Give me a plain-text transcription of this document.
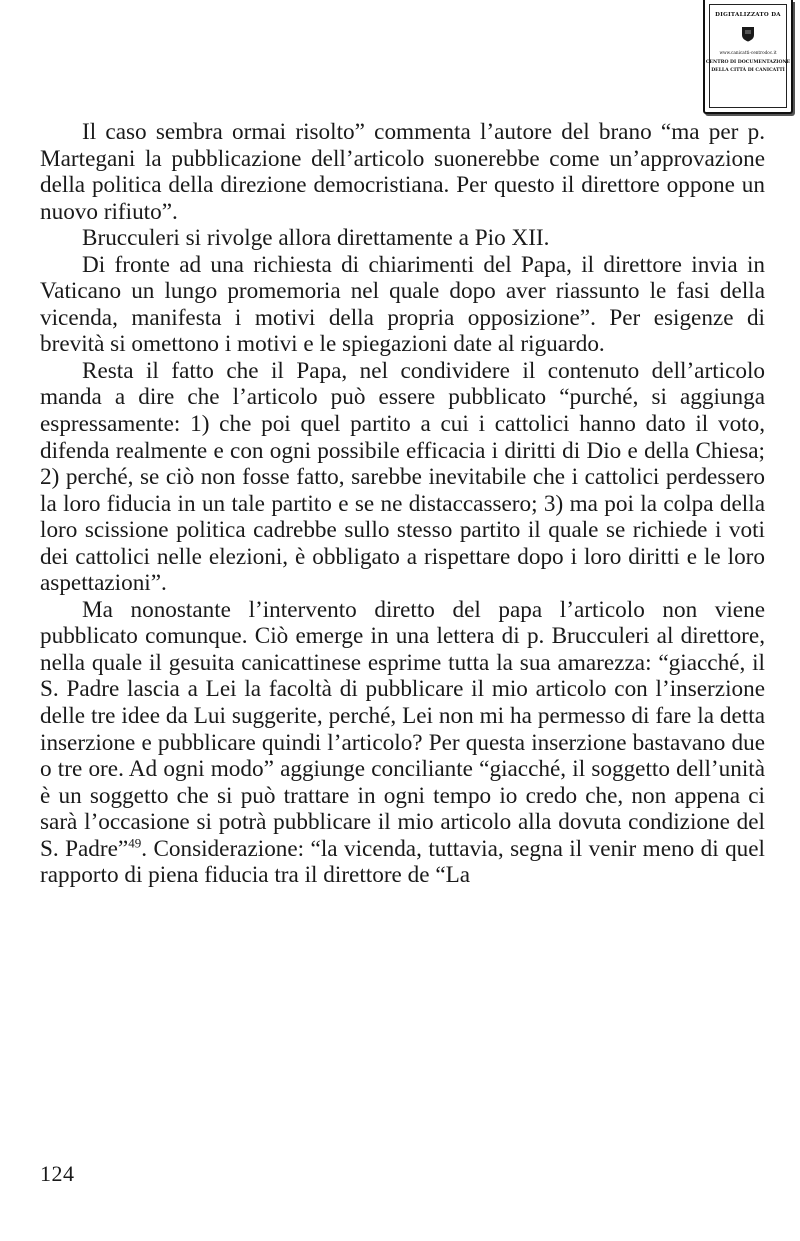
DIGITALIZZATO DA
www.canicatti-centrodoc.it
CENTRO DI DOCUMENTAZIONE
DELLA CITTÀ DI CANICATTÌ

Il caso sembra ormai risolto” commenta l’autore del brano “ma per p. Martegani la pubblicazione dell’articolo suonerebbe come un’approvazione della politica della direzione democristiana. Per questo il direttore oppone un nuovo rifiuto”.

Brucculeri si rivolge allora direttamente a Pio XII.

Di fronte ad una richiesta di chiarimenti del Papa, il direttore invia in Vaticano un lungo promemoria nel quale dopo aver riassunto le fasi della vicenda, manifesta i motivi della propria opposizione”. Per esigenze di brevità si omettono i motivi e le spiegazioni date al riguardo.

Resta il fatto che il Papa, nel condividere il contenuto dell’articolo manda a dire che l’articolo può essere pubblicato “purché, si aggiunga espressamente: 1) che poi quel partito a cui i cattolici hanno dato il voto, difenda realmente e con ogni possibile efficacia i diritti di Dio e della Chiesa; 2) perché, se ciò non fosse fatto, sarebbe inevitabile che i cattolici perdessero la loro fiducia in un tale partito e se ne distaccassero; 3) ma poi la colpa della loro scissione politica cadrebbe sullo stesso partito il quale se richiede i voti dei cattolici nelle elezioni, è obbligato a rispettare dopo i loro diritti e le loro aspettazioni”.

Ma nonostante l’intervento diretto del papa l’articolo non viene pubblicato comunque. Ciò emerge in una lettera di p. Brucculeri al direttore, nella quale il gesuita canicattinese esprime tutta la sua amarezza: “giacché, il S. Padre lascia a Lei la facoltà di pubblicare il mio articolo con l’inserzione delle tre idee da Lui suggerite, perché, Lei non mi ha permesso di fare la detta inserzione e pubblicare quindi l’articolo? Per questa inserzione bastavano due o tre ore. Ad ogni modo” aggiunge conciliante “giacché, il soggetto dell’unità è un soggetto che si può trattare in ogni tempo io credo che, non appena ci sarà l’occasione si potrà pubblicare il mio articolo alla dovuta condizione del S. Padre”$^{49}$. Considerazione: “la vicenda, tuttavia, segna il venir meno di quel rapporto di piena fiducia tra il direttore de “La

124
